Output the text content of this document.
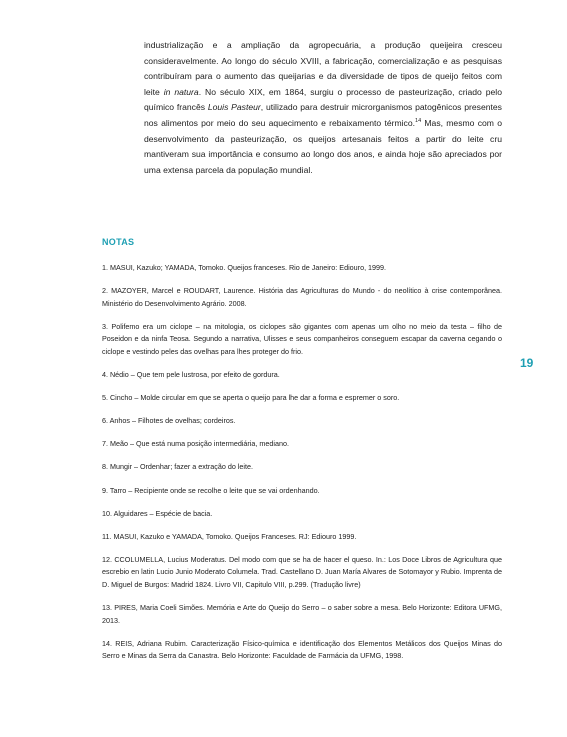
industrialização e a ampliação da agropecuária, a produção queijeira cresceu consideravelmente. Ao longo do século XVIII, a fabricação, comercialização e as pesquisas contribuíram para o aumento das queijarias e da diversidade de tipos de queijo feitos com leite in natura. No século XIX, em 1864, surgiu o processo de pasteurização, criado pelo químico francês Louis Pasteur, utilizado para destruir microrganismos patogênicos presentes nos alimentos por meio do seu aquecimento e rebaixamento térmico.$^{14}$ Mas, mesmo com o desenvolvimento da pasteurização, os queijos artesanais feitos a partir do leite cru mantiveram sua importância e consumo ao longo dos anos, e ainda hoje são apreciados por uma extensa parcela da população mundial.

NOTAS
1. MASUI, Kazuko; YAMADA, Tomoko. Queijos franceses. Rio de Janeiro: Ediouro, 1999.
2. MAZOYER, Marcel e ROUDART, Laurence. História das Agriculturas do Mundo - do neolítico à crise contemporânea. Ministério do Desenvolvimento Agrário. 2008.
3. Polifemo era um ciclope – na mitologia, os ciclopes são gigantes com apenas um olho no meio da testa – filho de Poseidon e da ninfa Teosa. Segundo a narrativa, Ulisses e seus companheiros conseguem escapar da caverna cegando o ciclope e vestindo peles das ovelhas para lhes proteger do frio.
4. Nédio – Que tem pele lustrosa, por efeito de gordura.
5. Cincho – Molde circular em que se aperta o queijo para lhe dar a forma e espremer o soro.
6. Anhos – Filhotes de ovelhas; cordeiros.
7. Meão – Que está numa posição intermediária, mediano.
8. Mungir – Ordenhar; fazer a extração do leite.
9. Tarro – Recipiente onde se recolhe o leite que se vai ordenhando.
10. Alguidares – Espécie de bacia.
11. MASUI, Kazuko e YAMADA, Tomoko. Queijos Franceses. RJ: Ediouro 1999.
12. CCOLUMELLA, Lucius Moderatus. Del modo com que se ha de hacer el queso. In.: Los Doce Libros de Agricultura que escrebio en latin Lucio Junio Moderato Columela. Trad. Castellano D. Juan María Alvares de Sotomayor y Rubio. Imprenta de D. Miguel de Burgos: Madrid 1824. Livro VII, Capitulo VIII, p.299. (Tradução livre)
13. PIRES, Maria Coeli Simões. Memória e Arte do Queijo do Serro – o saber sobre a mesa. Belo Horizonte: Editora UFMG, 2013.
14. REIS, Adriana Rubim. Caracterização Físico-química e identificação dos Elementos Metálicos dos Queijos Minas do Serro e Minas da Serra da Canastra. Belo Horizonte: Faculdade de Farmácia da UFMG, 1998.
19
